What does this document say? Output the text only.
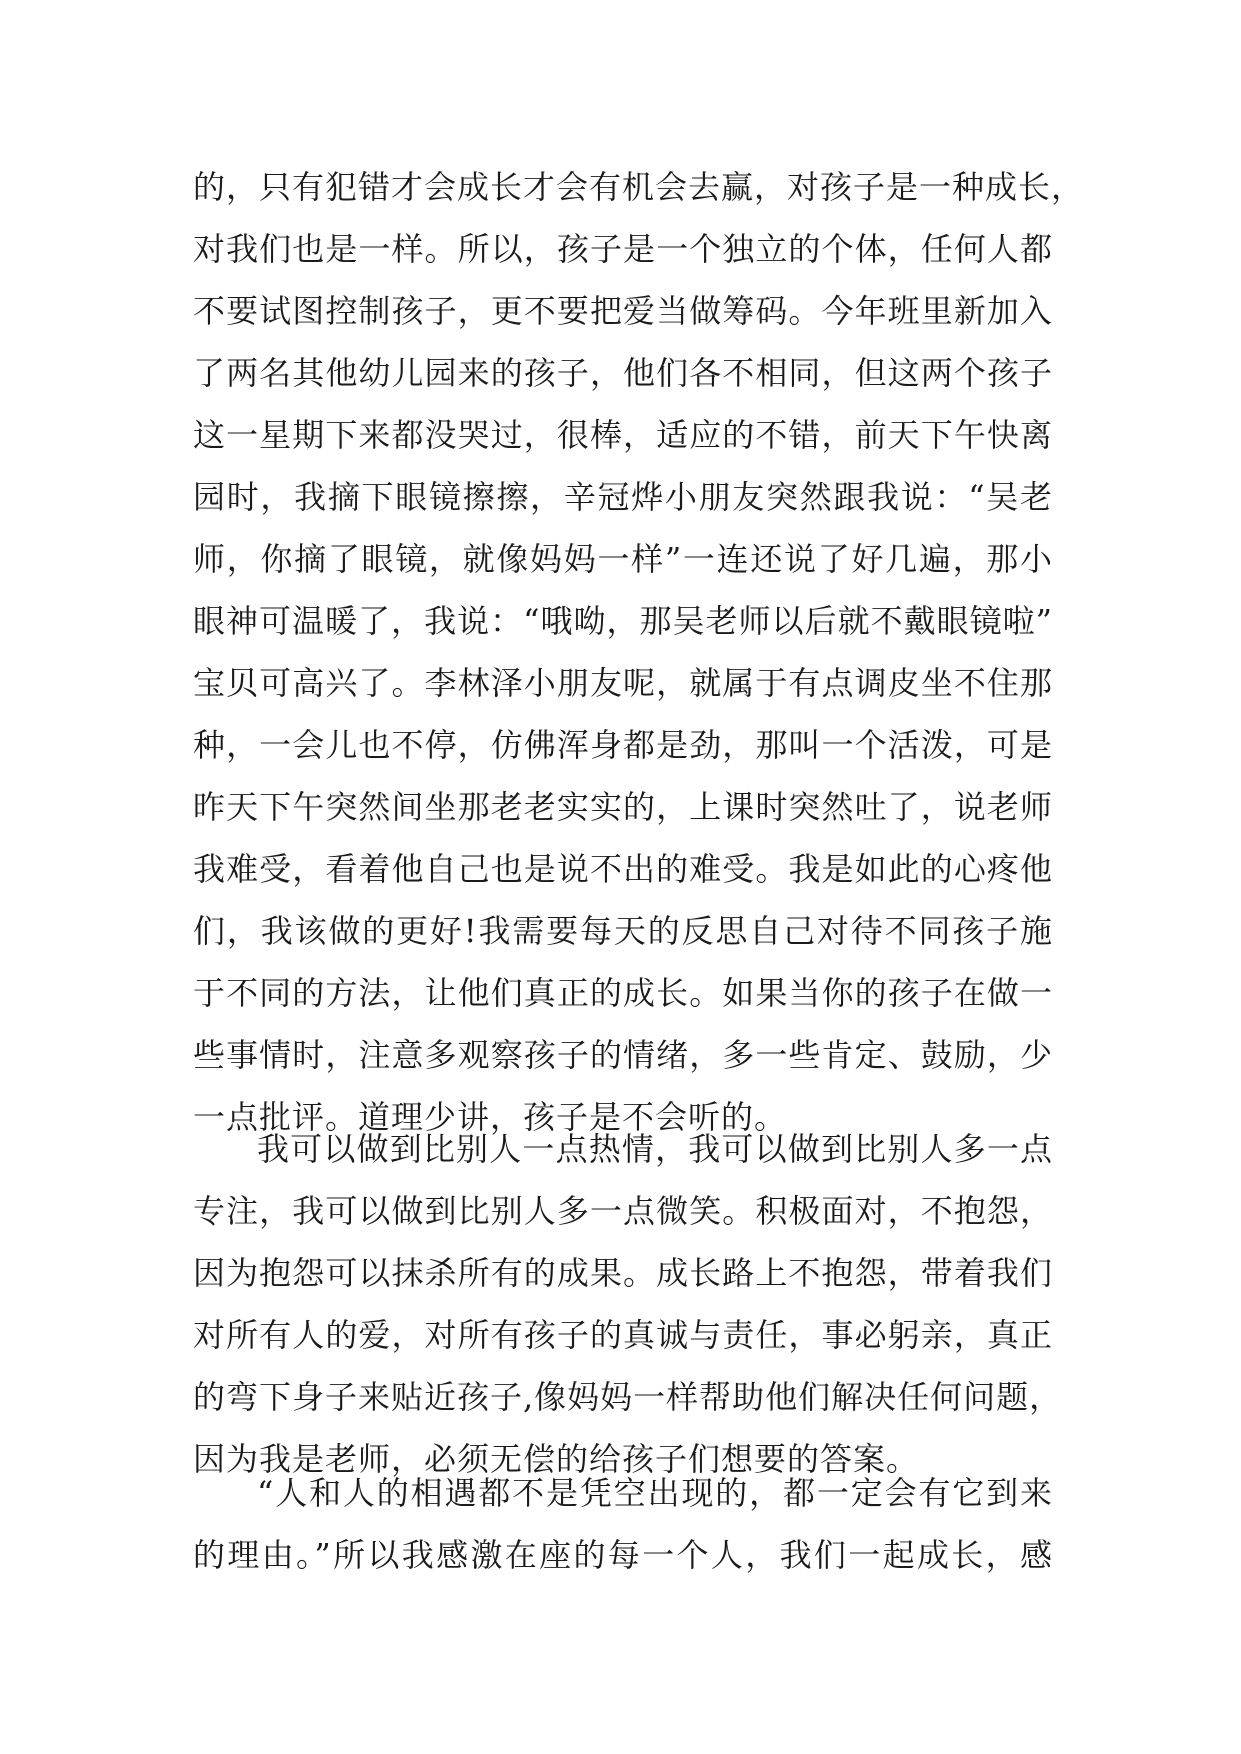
的，只有犯错才会成长才会有机会去赢，对孩子是一种成长，
对我们也是一样。所以，孩子是一个独立的个体，任何人都
不要试图控制孩子，更不要把爱当做筹码。今年班里新加入
了两名其他幼儿园来的孩子，他们各不相同，但这两个孩子
这一星期下来都没哭过，很棒，适应的不错，前天下午快离
园时，我摘下眼镜擦擦，辛冠烨小朋友突然跟我说：“吴老
师，你摘了眼镜，就像妈妈一样”一连还说了好几遍，那小
眼神可温暖了，我说：“哦呦，那吴老师以后就不戴眼镜啦”
宝贝可高兴了。李林泽小朋友呢，就属于有点调皮坐不住那
种，一会儿也不停，仿佛浑身都是劲，那叫一个活泼，可是
昨天下午突然间坐那老老实实的，上课时突然吐了，说老师
我难受，看着他自己也是说不出的难受。我是如此的心疼他
们，我该做的更好!我需要每天的反思自己对待不同孩子施
于不同的方法，让他们真正的成长。如果当你的孩子在做一
些事情时，注意多观察孩子的情绪，多一些肯定、鼓励，少
一点批评。道理少讲，孩子是不会听的。
我可以做到比别人一点热情，我可以做到比别人多一点
专注，我可以做到比别人多一点微笑。积极面对，不抱怨，
因为抱怨可以抹杀所有的成果。成长路上不抱怨，带着我们
对所有人的爱，对所有孩子的真诚与责任，事必躬亲，真正
的弯下身子来贴近孩子,像妈妈一样帮助他们解决任何问题，
因为我是老师，必须无偿的给孩子们想要的答案。
“人和人的相遇都不是凭空出现的，都一定会有它到来
的理由。”所以我感激在座的每一个人，我们一起成长，感
